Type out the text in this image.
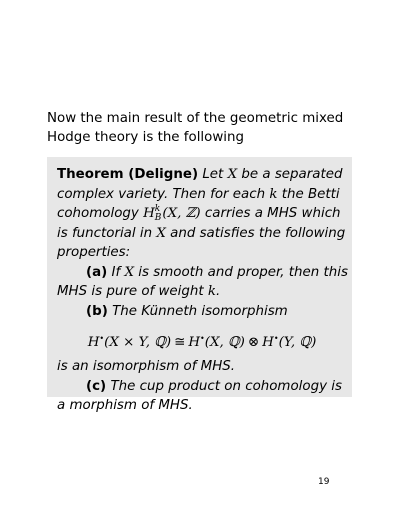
Now the main result of the geometric mixed
Hodge theory is the following
Theorem (Deligne) Let X be a separated
complex variety. Then for each k the Betti
cohomology H k
B (X, ℤ) carries a MHS which
is functorial in X and satisfies the following
properties:
(a) If X is smooth and proper, then this
MHS is pure of weight k.
(b) The Künneth isomorphism
H•(X × Y, ℚ) ≅ H•(X, ℚ) ⊗ H•(Y, ℚ)
is an isomorphism of MHS.
(c) The cup product on cohomology is
a morphism of MHS.
19
